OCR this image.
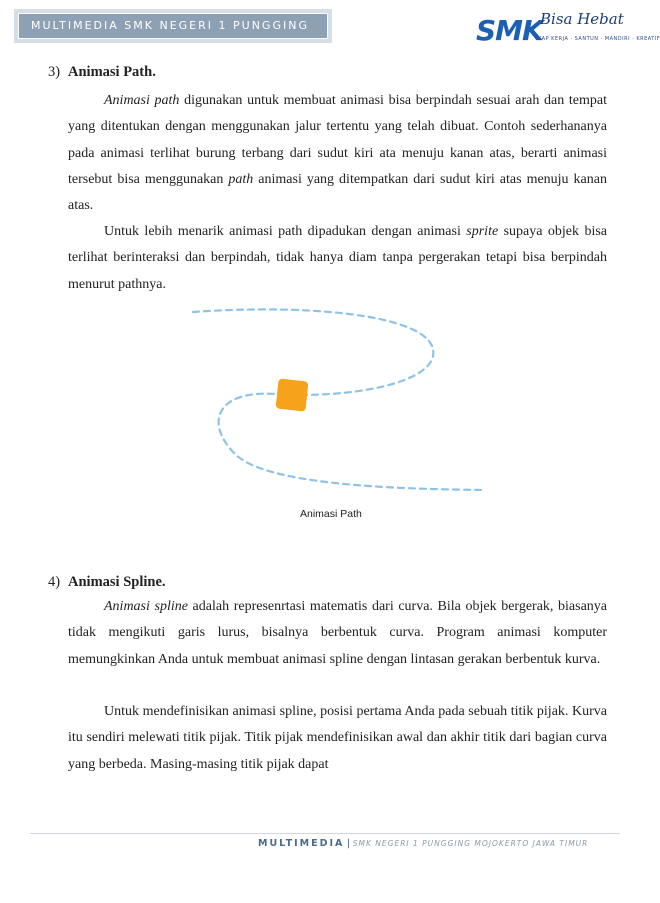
MULTIMEDIA SMK NEGERI 1 PUNGGING	SMK
Bisa Hebat
SIAP KERJA · SANTUN · MANDIRI · KREATIF
3) Animasi Path.
Animasi path digunakan untuk membuat animasi bisa berpindah sesuai arah dan tempat yang ditentukan dengan menggunakan jalur tertentu yang telah dibuat. Contoh sederhananya pada animasi terlihat burung terbang dari sudut kiri ata menuju kanan atas, berarti animasi tersebut bisa menggunakan path animasi yang ditempatkan dari sudut kiri atas menuju kanan atas.
Untuk lebih menarik animasi path dipadukan dengan animasi sprite supaya objek bisa terlihat berinteraksi dan berpindah, tidak hanya diam tanpa pergerakan tetapi bisa berpindah menurut pathnya.
Animasi Path
4) Animasi Spline.
Animasi spline adalah represenrtasi matematis dari curva. Bila objek bergerak, biasanya tidak mengikuti garis lurus, bisalnya berbentuk curva. Program animasi komputer memungkinkan Anda untuk membuat animasi spline dengan lintasan gerakan berbentuk kurva.
Untuk mendefinisikan animasi spline, posisi pertama Anda pada sebuah titik pijak. Kurva itu sendiri melewati titik pijak. Titik pijak mendefinisikan awal dan akhir titik dari bagian curva yang berbeda. Masing-masing titik pijak dapat
MULTIMEDIA | SMK NEGERI 1 PUNGGING MOJOKERTO JAWA TIMUR
